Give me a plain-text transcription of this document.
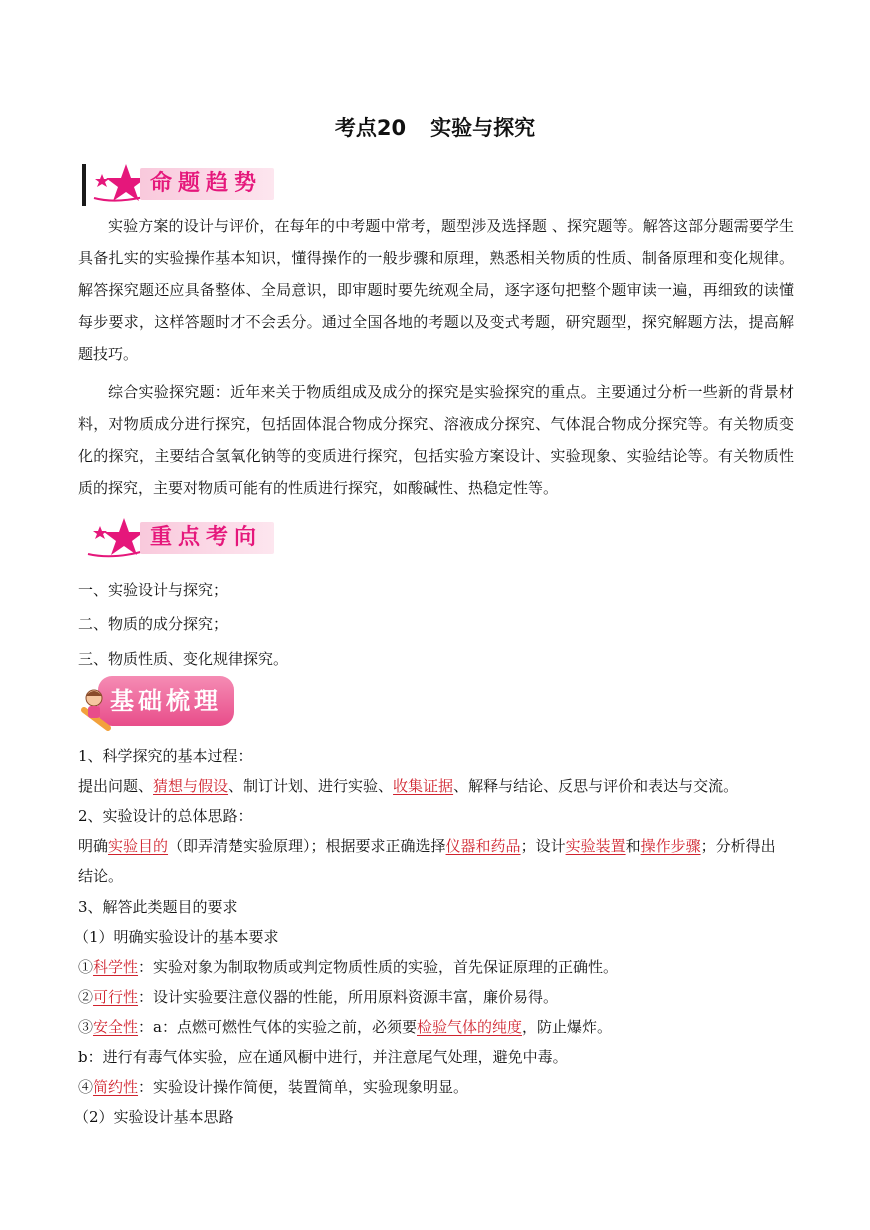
考点20 实验与探究
命题趋势

实验方案的设计与评价，在每年的中考题中常考，题型涉及选择题 、探究题等。解答这部分题需要学生具备扎实的实验操作基本知识，懂得操作的一般步骤和原理，熟悉相关物质的性质、制备原理和变化规律。解答探究题还应具备整体、全局意识，即审题时要先统观全局，逐字逐句把整个题审读一遍，再细致的读懂每步要求，这样答题时才不会丢分。通过全国各地的考题以及变式考题，研究题型，探究解题方法，提高解题技巧。

综合实验探究题：近年来关于物质组成及成分的探究是实验探究的重点。主要通过分析一些新的背景材料，对物质成分进行探究，包括固体混合物成分探究、溶液成分探究、气体混合物成分探究等。有关物质变化的探究，主要结合氢氧化钠等的变质进行探究，包括实验方案设计、实验现象、实验结论等。有关物质性质的探究，主要对物质可能有的性质进行探究，如酸碱性、热稳定性等。

重点考向
一、实验设计与探究；
二、物质的成分探究；
三、物质性质、变化规律探究。
基础梳理
1、科学探究的基本过程：
提出问题、猜想与假设、制订计划、进行实验、收集证据、解释与结论、反思与评价和表达与交流。
2、实验设计的总体思路：
明确实验目的（即弄清楚实验原理）；根据要求正确选择仪器和药品；设计实验装置和操作步骤；分析得出
结论。
3、解答此类题目的要求
（1）明确实验设计的基本要求
①科学性：实验对象为制取物质或判定物质性质的实验，首先保证原理的正确性。
②可行性：设计实验要注意仪器的性能，所用原料资源丰富，廉价易得。
③安全性：a：点燃可燃性气体的实验之前，必须要检验气体的纯度，防止爆炸。
b：进行有毒气体实验，应在通风橱中进行，并注意尾气处理，避免中毒。
④简约性：实验设计操作简便，装置简单，实验现象明显。
（2）实验设计基本思路
